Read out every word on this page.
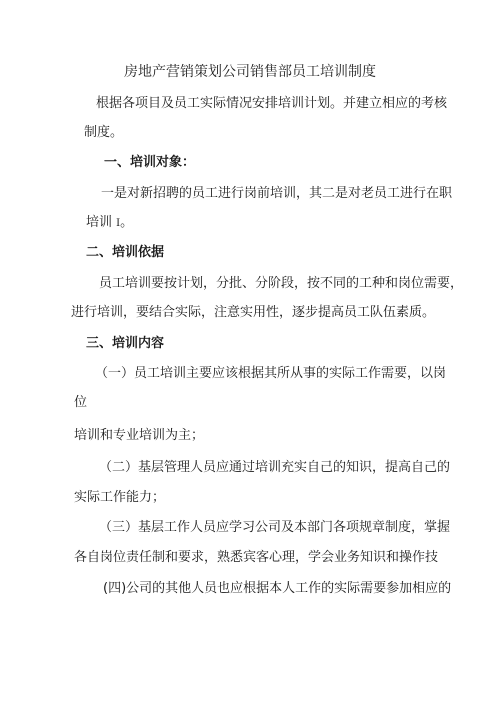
房地产营销策划公司销售部员工培训制度
根据各项目及员工实际情况安排培训计划。并建立相应的考核
制度。
一、培训对象：
一是对新招聘的员工进行岗前培训，其二是对老员工进行在职
培训 I。
二、培训依据
员工培训要按计划，分批、分阶段，按不同的工种和岗位需要，
进行培训，要结合实际，注意实用性，逐步提高员工队伍素质。
三、培训内容
（一）员工培训主要应该根据其所从事的实际工作需要，以岗
位
培训和专业培训为主；
（二）基层管理人员应通过培训充实自己的知识，提高自己的
实际工作能力；
（三）基层工作人员应学习公司及本部门各项规章制度，掌握
各自岗位责任制和要求，熟悉宾客心理，学会业务知识和操作技
(四)公司的其他人员也应根据本人工作的实际需要参加相应的
